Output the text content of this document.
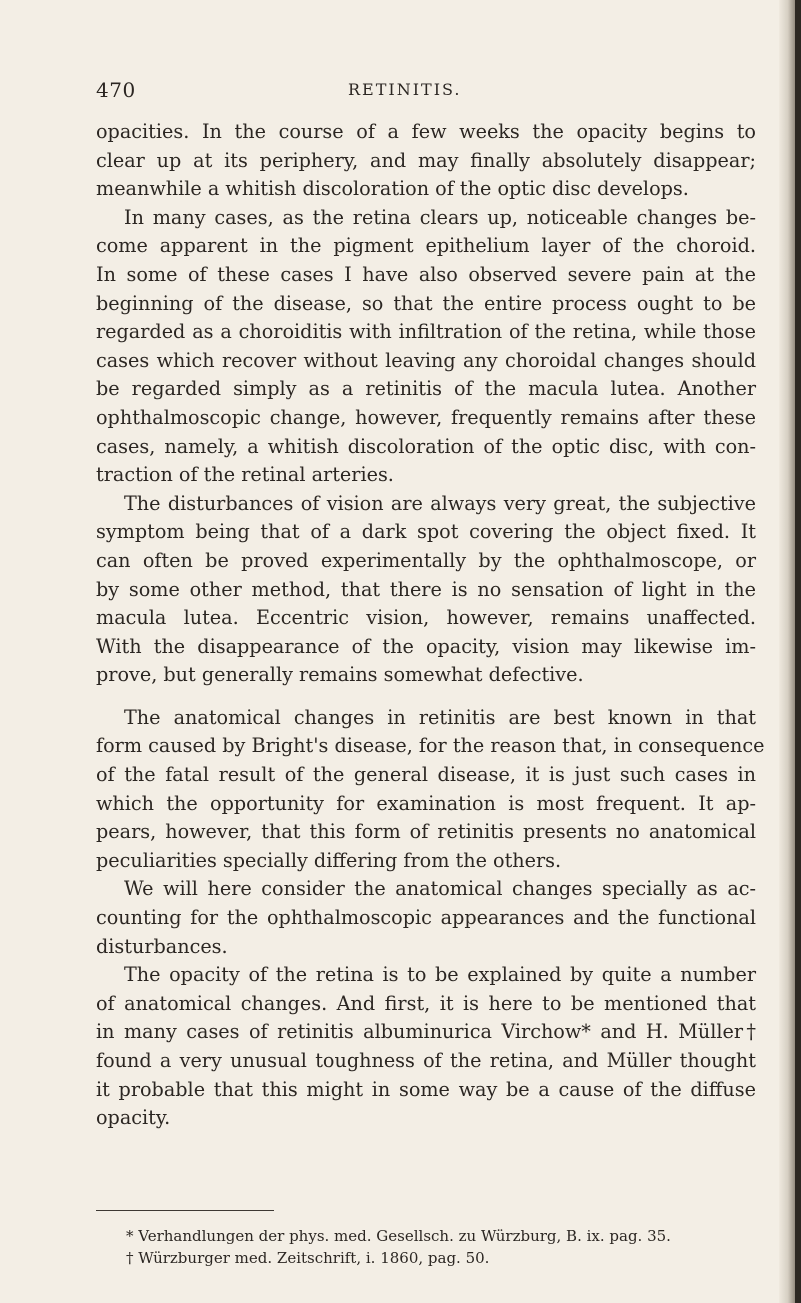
470	RETINITIS.
opacities. In the course of a few weeks the opacity begins to
clear up at its periphery, and may finally absolutely disappear;
meanwhile a whitish discoloration of the optic disc develops.
In many cases, as the retina clears up, noticeable changes be-
come apparent in the pigment epithelium layer of the choroid.
In some of these cases I have also observed severe pain at the
beginning of the disease, so that the entire process ought to be
regarded as a choroiditis with infiltration of the retina, while those
cases which recover without leaving any choroidal changes should
be regarded simply as a retinitis of the macula lutea. Another
ophthalmoscopic change, however, frequently remains after these
cases, namely, a whitish discoloration of the optic disc, with con-
traction of the retinal arteries.
The disturbances of vision are always very great, the subjective
symptom being that of a dark spot covering the object fixed. It
can often be proved experimentally by the ophthalmoscope, or
by some other method, that there is no sensation of light in the
macula lutea. Eccentric vision, however, remains unaffected.
With the disappearance of the opacity, vision may likewise im-
prove, but generally remains somewhat defective.
The anatomical changes in retinitis are best known in that
form caused by Bright's disease, for the reason that, in consequence
of the fatal result of the general disease, it is just such cases in
which the opportunity for examination is most frequent. It ap-
pears, however, that this form of retinitis presents no anatomical
peculiarities specially differing from the others.
We will here consider the anatomical changes specially as ac-
counting for the ophthalmoscopic appearances and the functional
disturbances.
The opacity of the retina is to be explained by quite a number
of anatomical changes. And first, it is here to be mentioned that
in many cases of retinitis albuminurica Virchow* and H. Müller†
found a very unusual toughness of the retina, and Müller thought
it probable that this might in some way be a cause of the diffuse
opacity.
* Verhandlungen der phys. med. Gesellsch. zu Würzburg, B. ix. pag. 35.
† Würzburger med. Zeitschrift, i. 1860, pag. 50.
